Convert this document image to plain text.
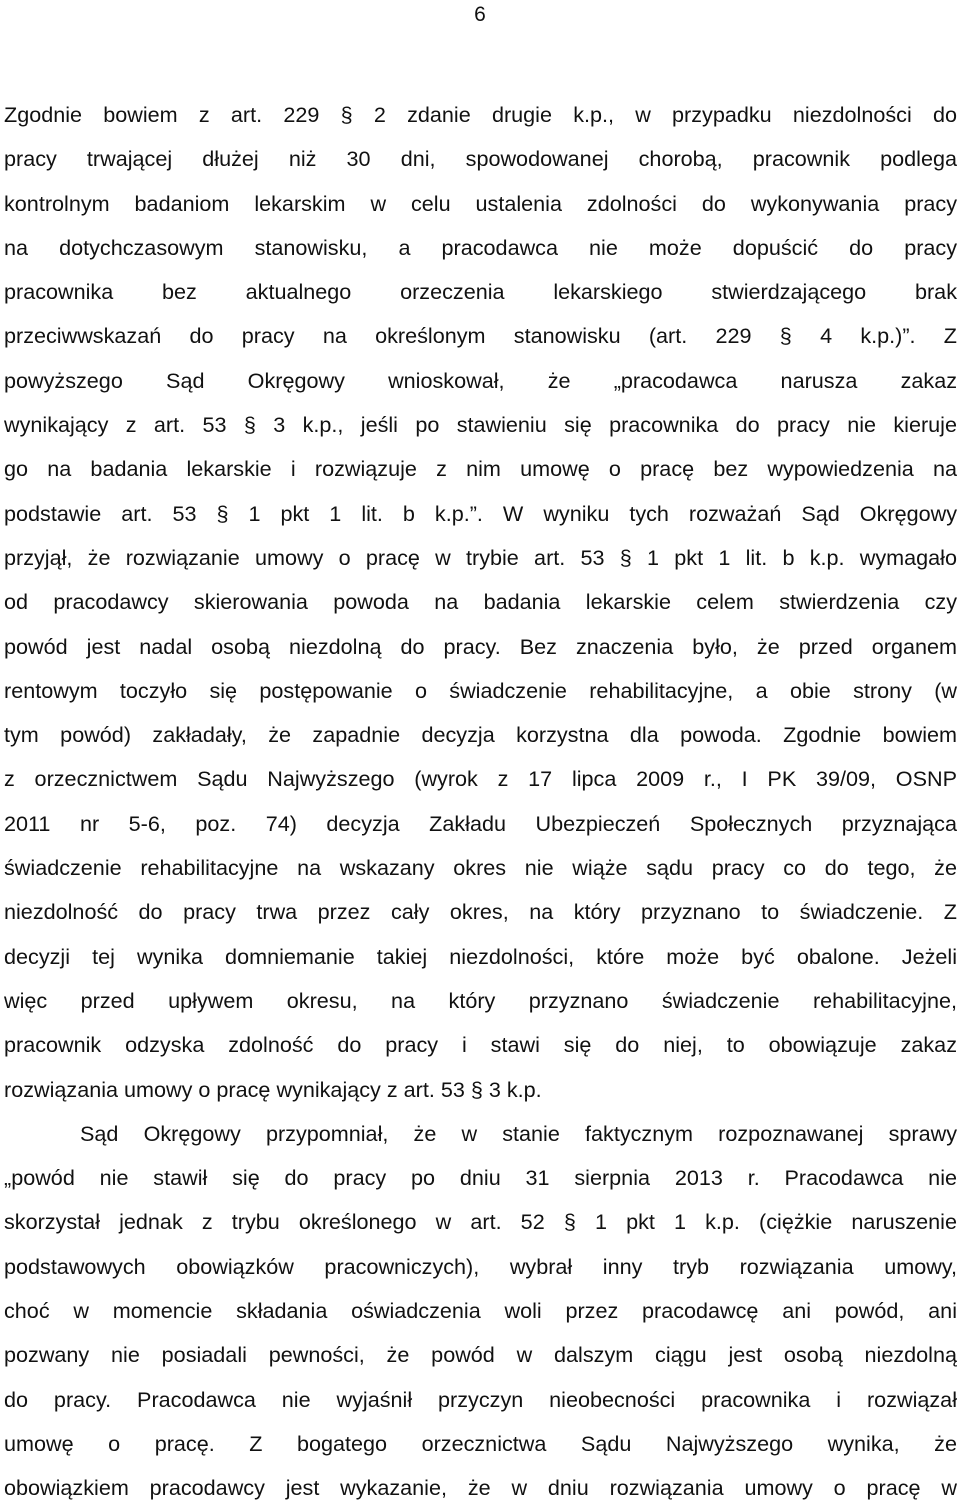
6
Zgodnie bowiem z art. 229 § 2 zdanie drugie k.p., w przypadku niezdolności do
pracy trwającej dłużej niż 30 dni, spowodowanej chorobą, pracownik podlega
kontrolnym badaniom lekarskim w celu ustalenia zdolności do wykonywania pracy
na dotychczasowym stanowisku, a pracodawca nie może dopuścić do pracy
pracownika bez aktualnego orzeczenia lekarskiego stwierdzającego brak
przeciwwskazań do pracy na określonym stanowisku (art. 229 § 4 k.p.)”. Z
powyższego Sąd Okręgowy wnioskował, że „pracodawca narusza zakaz
wynikający z art. 53 § 3 k.p., jeśli po stawieniu się pracownika do pracy nie kieruje
go na badania lekarskie i rozwiązuje z nim umowę o pracę bez wypowiedzenia na
podstawie art. 53 § 1 pkt 1 lit. b k.p.”. W wyniku tych rozważań Sąd Okręgowy
przyjął, że rozwiązanie umowy o pracę w trybie art. 53 § 1 pkt 1 lit. b k.p. wymagało
od pracodawcy skierowania powoda na badania lekarskie celem stwierdzenia czy
powód jest nadal osobą niezdolną do pracy. Bez znaczenia było, że przed organem
rentowym toczyło się postępowanie o świadczenie rehabilitacyjne, a obie strony (w
tym powód) zakładały, że zapadnie decyzja korzystna dla powoda. Zgodnie bowiem
z orzecznictwem Sądu Najwyższego (wyrok z 17 lipca 2009 r., I PK 39/09, OSNP
2011 nr 5-6, poz. 74) decyzja Zakładu Ubezpieczeń Społecznych przyznająca
świadczenie rehabilitacyjne na wskazany okres nie wiąże sądu pracy co do tego, że
niezdolność do pracy trwa przez cały okres, na który przyznano to świadczenie. Z
decyzji tej wynika domniemanie takiej niezdolności, które może być obalone. Jeżeli
więc przed upływem okresu, na który przyznano świadczenie rehabilitacyjne,
pracownik odzyska zdolność do pracy i stawi się do niej, to obowiązuje zakaz
rozwiązania umowy o pracę wynikający z art. 53 § 3 k.p.
Sąd Okręgowy przypomniał, że w stanie faktycznym rozpoznawanej sprawy
„powód nie stawił się do pracy po dniu 31 sierpnia 2013 r. Pracodawca nie
skorzystał jednak z trybu określonego w art. 52 § 1 pkt 1 k.p. (ciężkie naruszenie
podstawowych obowiązków pracowniczych), wybrał inny tryb rozwiązania umowy,
choć w momencie składania oświadczenia woli przez pracodawcę ani powód, ani
pozwany nie posiadali pewności, że powód w dalszym ciągu jest osobą niezdolną
do pracy. Pracodawca nie wyjaśnił przyczyn nieobecności pracownika i rozwiązał
umowę o pracę. Z bogatego orzecznictwa Sądu Najwyższego wynika, że
obowiązkiem pracodawcy jest wykazanie, że w dniu rozwiązania umowy o pracę w
